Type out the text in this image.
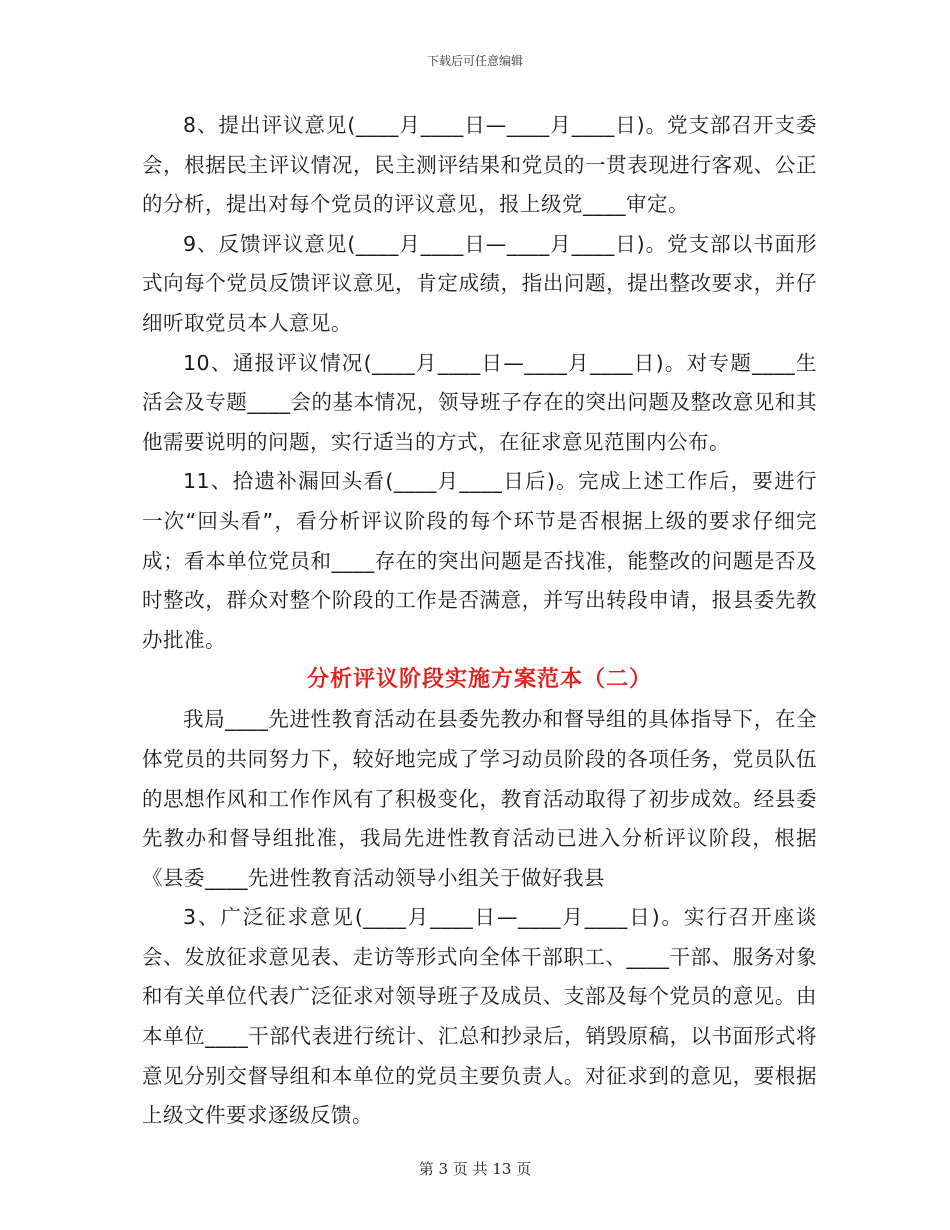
下载后可任意编辑

8、提出评议意见(____月____日—____月____日)。党支部召开支委会，根据民主评议情况，民主测评结果和党员的一贯表现进行客观、公正的分析，提出对每个党员的评议意见，报上级党____审定。

9、反馈评议意见(____月____日—____月____日)。党支部以书面形式向每个党员反馈评议意见，肯定成绩，指出问题，提出整改要求，并仔细听取党员本人意见。

10、通报评议情况(____月____日—____月____日)。对专题____生活会及专题____会的基本情况，领导班子存在的突出问题及整改意见和其他需要说明的问题，实行适当的方式，在征求意见范围内公布。

11、拾遗补漏回头看(____月____日后)。完成上述工作后，要进行一次“回头看”，看分析评议阶段的每个环节是否根据上级的要求仔细完成；看本单位党员和____存在的突出问题是否找准，能整改的问题是否及时整改，群众对整个阶段的工作是否满意，并写出转段申请，报县委先教办批准。

分析评议阶段实施方案范本（二）

我局____先进性教育活动在县委先教办和督导组的具体指导下，在全体党员的共同努力下，较好地完成了学习动员阶段的各项任务，党员队伍的思想作风和工作作风有了积极变化，教育活动取得了初步成效。经县委先教办和督导组批准，我局先进性教育活动已进入分析评议阶段，根据《县委____先进性教育活动领导小组关于做好我县

3、广泛征求意见(____月____日—____月____日)。实行召开座谈会、发放征求意见表、走访等形式向全体干部职工、____干部、服务对象和有关单位代表广泛征求对领导班子及成员、支部及每个党员的意见。由本单位____干部代表进行统计、汇总和抄录后，销毁原稿，以书面形式将意见分别交督导组和本单位的党员主要负责人。对征求到的意见，要根据上级文件要求逐级反馈。

第 3 页 共 13 页
